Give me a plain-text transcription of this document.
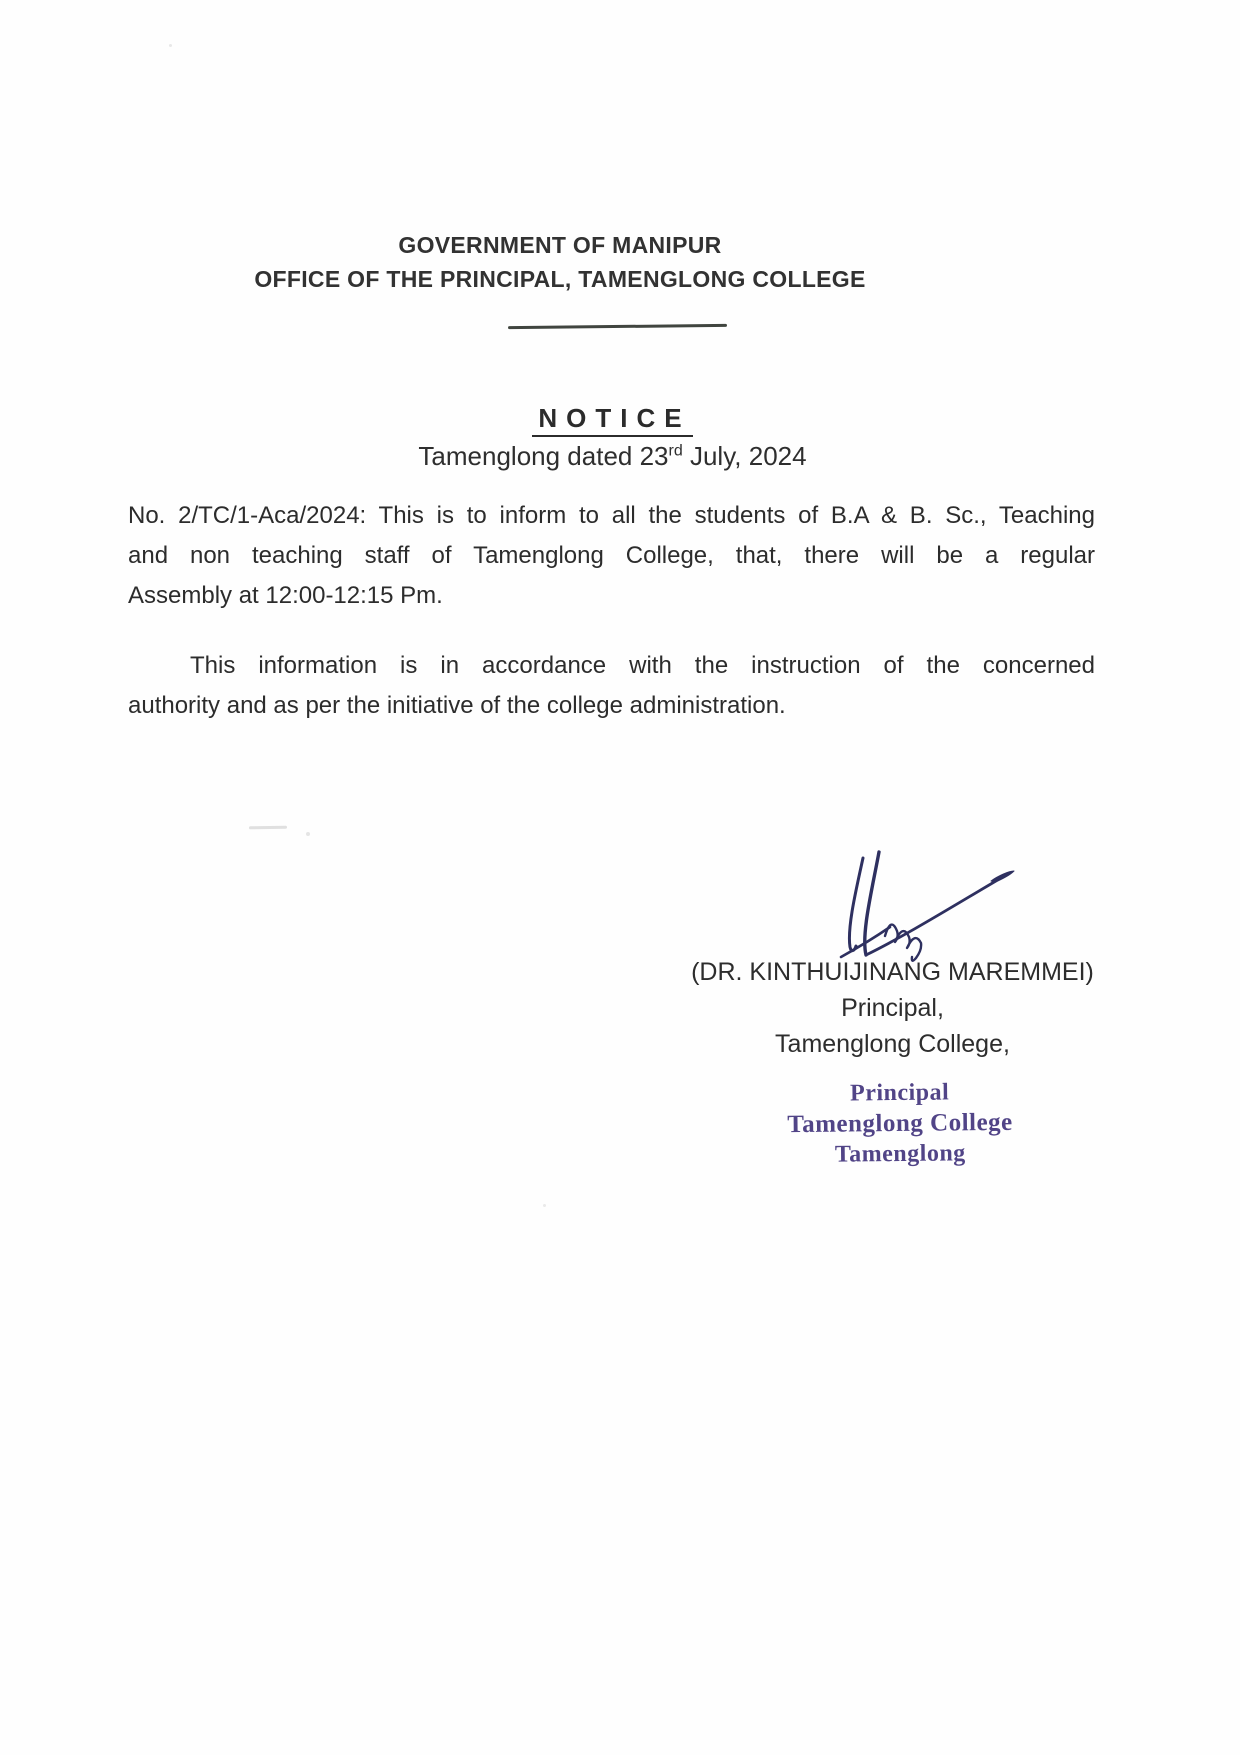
GOVERNMENT OF MANIPUR
OFFICE OF THE PRINCIPAL, TAMENGLONG COLLEGE
NOTICE
Tamenglong dated 23rd July, 2024
No. 2/TC/1-Aca/2024: This is to inform to all the students of B.A & B. Sc., Teaching
and non teaching staff of Tamenglong College, that, there will be a regular
Assembly at 12:00-12:15 Pm.
This information is in accordance with the instruction of the concerned
authority and as per the initiative of the college administration.
(DR. KINTHUIJINANG MAREMMEI)
Principal,
Tamenglong College,
Principal
Tamenglong College
Tamenglong
